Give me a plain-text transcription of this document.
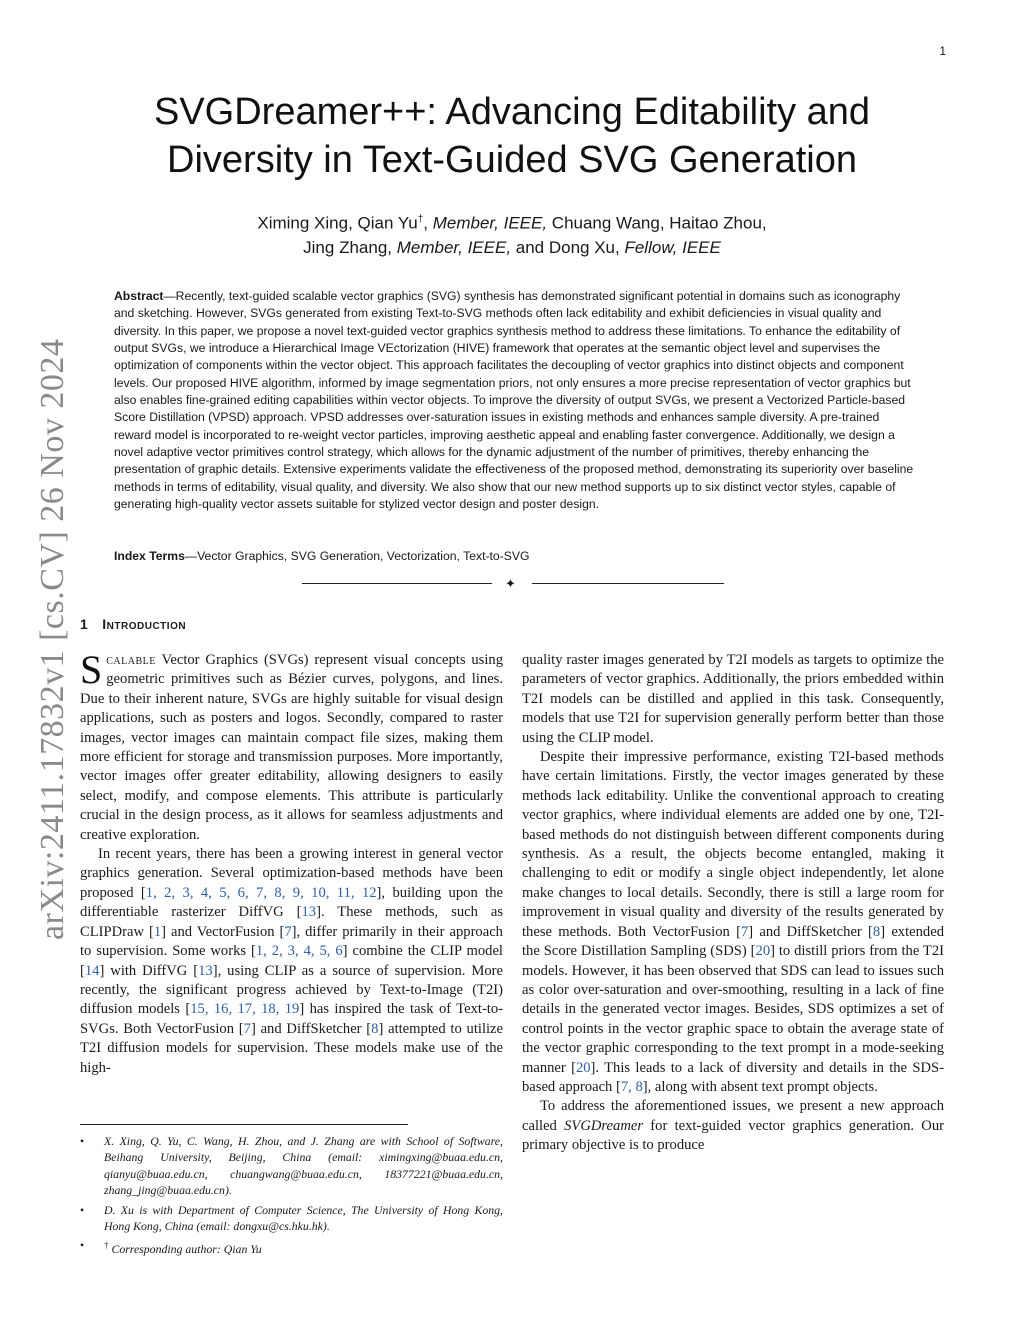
1
arXiv:2411.17832v1 [cs.CV] 26 Nov 2024
SVGDreamer++: Advancing Editability and Diversity in Text-Guided SVG Generation
Ximing Xing, Qian Yu†, Member, IEEE, Chuang Wang, Haitao Zhou,
Jing Zhang, Member, IEEE, and Dong Xu, Fellow, IEEE
Abstract—Recently, text-guided scalable vector graphics (SVG) synthesis has demonstrated significant potential in domains such as iconography and sketching. However, SVGs generated from existing Text-to-SVG methods often lack editability and exhibit deficiencies in visual quality and diversity. In this paper, we propose a novel text-guided vector graphics synthesis method to address these limitations. To enhance the editability of output SVGs, we introduce a Hierarchical Image VEctorization (HIVE) framework that operates at the semantic object level and supervises the optimization of components within the vector object. This approach facilitates the decoupling of vector graphics into distinct objects and component levels. Our proposed HIVE algorithm, informed by image segmentation priors, not only ensures a more precise representation of vector graphics but also enables fine-grained editing capabilities within vector objects. To improve the diversity of output SVGs, we present a Vectorized Particle-based Score Distillation (VPSD) approach. VPSD addresses over-saturation issues in existing methods and enhances sample diversity. A pre-trained reward model is incorporated to re-weight vector particles, improving aesthetic appeal and enabling faster convergence. Additionally, we design a novel adaptive vector primitives control strategy, which allows for the dynamic adjustment of the number of primitives, thereby enhancing the presentation of graphic details. Extensive experiments validate the effectiveness of the proposed method, demonstrating its superiority over baseline methods in terms of editability, visual quality, and diversity. We also show that our new method supports up to six distinct vector styles, capable of generating high-quality vector assets suitable for stylized vector design and poster design.
Index Terms—Vector Graphics, SVG Generation, Vectorization, Text-to-SVG
✦
1 Introduction

Scalable Vector Graphics (SVGs) represent visual concepts using geometric primitives such as Bézier curves, polygons, and lines. Due to their inherent nature, SVGs are highly suitable for visual design applications, such as posters and logos. Secondly, compared to raster images, vector images can maintain compact file sizes, making them more efficient for storage and transmission purposes. More importantly, vector images offer greater editability, allowing designers to easily select, modify, and compose elements. This attribute is particularly crucial in the design process, as it allows for seamless adjustments and creative exploration.

In recent years, there has been a growing interest in general vector graphics generation. Several optimization-based methods have been proposed [1, 2, 3, 4, 5, 6, 7, 8, 9, 10, 11, 12], building upon the differentiable rasterizer DiffVG [13]. These methods, such as CLIPDraw [1] and VectorFusion [7], differ primarily in their approach to supervision. Some works [1, 2, 3, 4, 5, 6] combine the CLIP model [14] with DiffVG [13], using CLIP as a source of supervision. More recently, the significant progress achieved by Text-to-Image (T2I) diffusion models [15, 16, 17, 18, 19] has inspired the task of Text-to-SVGs. Both VectorFusion [7] and DiffSketcher [8] attempted to utilize T2I diffusion models for supervision. These models make use of the high-

quality raster images generated by T2I models as targets to optimize the parameters of vector graphics. Additionally, the priors embedded within T2I models can be distilled and applied in this task. Consequently, models that use T2I for supervision generally perform better than those using the CLIP model.

Despite their impressive performance, existing T2I-based methods have certain limitations. Firstly, the vector images generated by these methods lack editability. Unlike the conventional approach to creating vector graphics, where individual elements are added one by one, T2I-based methods do not distinguish between different components during synthesis. As a result, the objects become entangled, making it challenging to edit or modify a single object independently, let alone make changes to local details. Secondly, there is still a large room for improvement in visual quality and diversity of the results generated by these methods. Both VectorFusion [7] and DiffSketcher [8] extended the Score Distillation Sampling (SDS) [20] to distill priors from the T2I models. However, it has been observed that SDS can lead to issues such as color over-saturation and over-smoothing, resulting in a lack of fine details in the generated vector images. Besides, SDS optimizes a set of control points in the vector graphic space to obtain the average state of the vector graphic corresponding to the text prompt in a mode-seeking manner [20]. This leads to a lack of diversity and details in the SDS-based approach [7, 8], along with absent text prompt objects.

To address the aforementioned issues, we present a new approach called SVGDreamer for text-guided vector graphics generation. Our primary objective is to produce

• X. Xing, Q. Yu, C. Wang, H. Zhou, and J. Zhang are with School of Software, Beihang University, Beijing, China (email: ximingxing@buaa.edu.cn, qianyu@buaa.edu.cn, chuangwang@buaa.edu.cn, 18377221@buaa.edu.cn, zhang_jing@buaa.edu.cn).
• D. Xu is with Department of Computer Science, The University of Hong Kong, Hong Kong, China (email: dongxu@cs.hku.hk).
• † Corresponding author: Qian Yu
